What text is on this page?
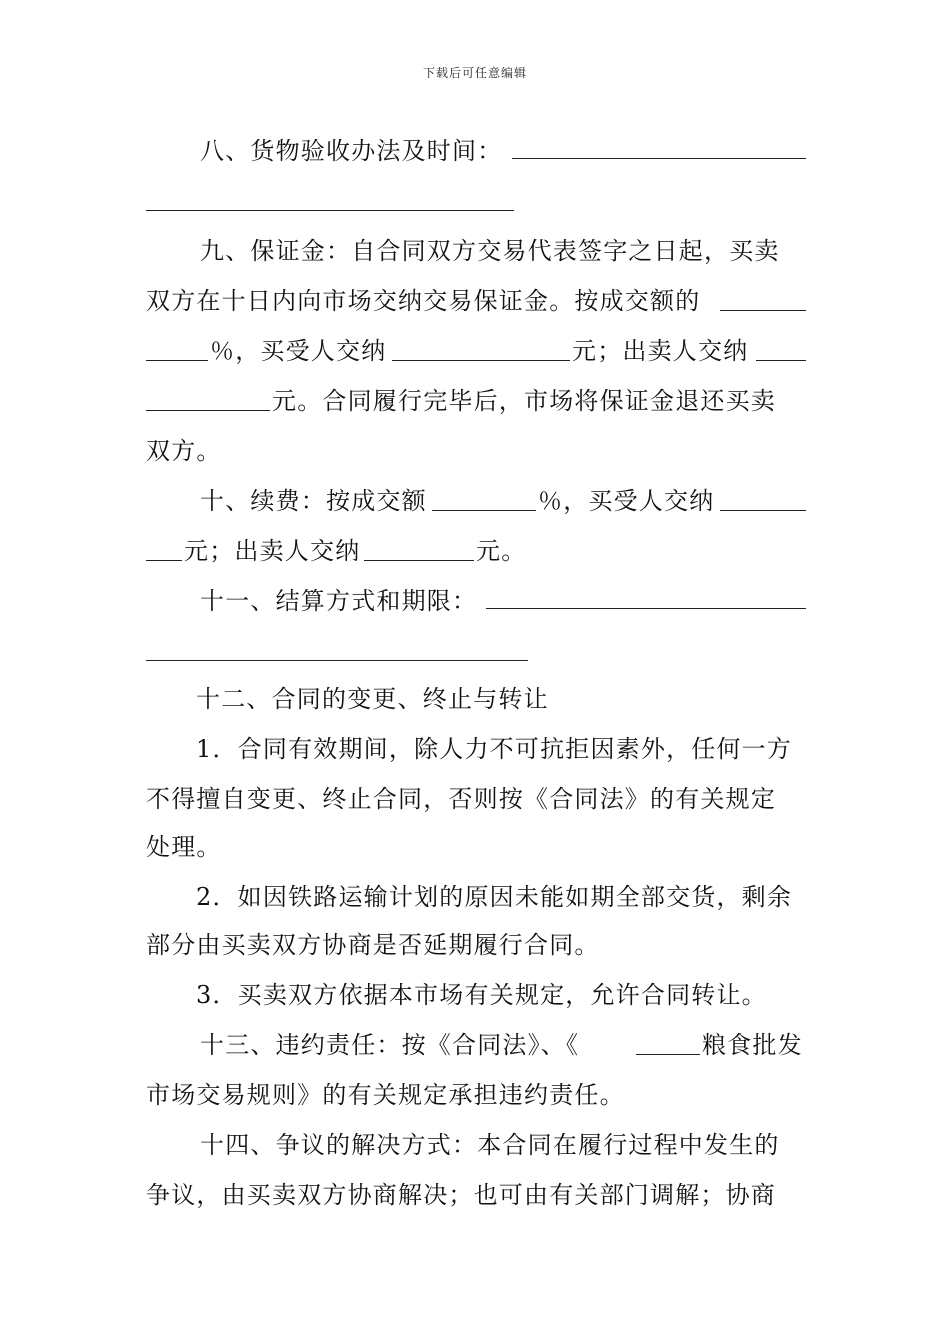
下载后可任意编辑
八、货物验收办法及时间：
九、保证金：自合同双方交易代表签字之日起，买卖
双方在十日内向市场交纳交易保证金。按成交额的
％，买受人交纳	元；出卖人交纳
元。合同履行完毕后，市场将保证金退还买卖
双方。
十、续费：按成交额	％，买受人交纳
元；出卖人交纳	元。
十一、结算方式和期限：
十二、合同的变更、终止与转让
1．合同有效期间，除人力不可抗拒因素外，任何一方
不得擅自变更、终止合同，否则按《合同法》的有关规定
处理。
2．如因铁路运输计划的原因未能如期全部交货，剩余
部分由买卖双方协商是否延期履行合同。
3．买卖双方依据本市场有关规定，允许合同转让。
十三、违约责任：按《合同法》、《	粮食批发
市场交易规则》的有关规定承担违约责任。
十四、争议的解决方式：本合同在履行过程中发生的
争议，由买卖双方协商解决；也可由有关部门调解；协商
